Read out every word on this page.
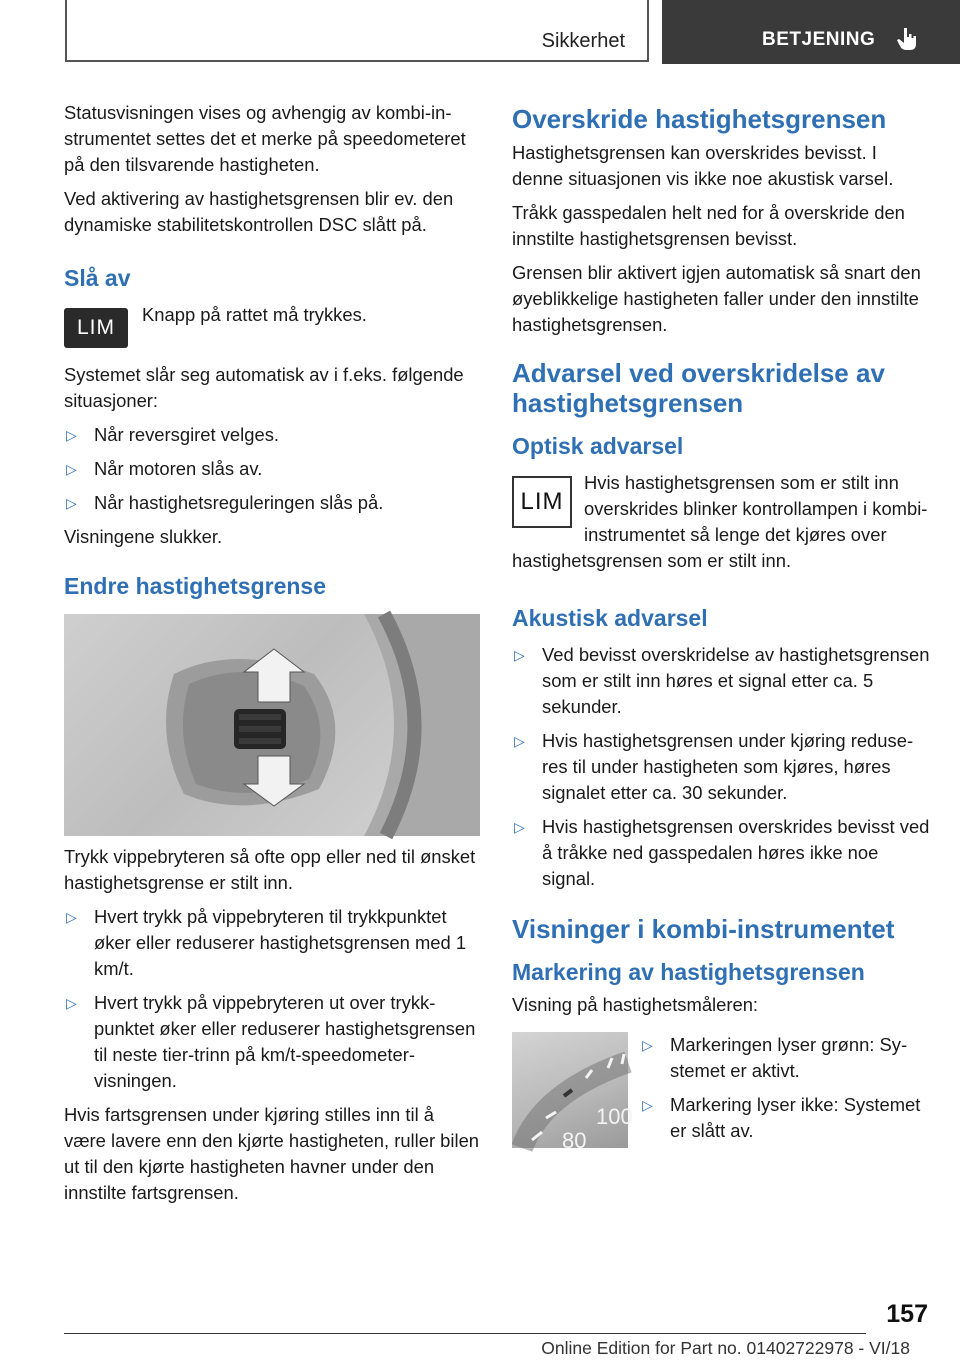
Sikkerhet	BETJENING

Statusvisningen vises og avhengig av kombi-instrumentet settes det et merke på speedometeret på den tilsvarende hastigheten.

Ved aktivering av hastighetsgrensen blir ev. den dynamiske stabilitetskontrollen DSC slått på.

Slå av
LIM

Knapp på rattet må trykkes.

Systemet slår seg automatisk av i f.eks. følgende situasjoner:

▷ Når reversgiret velges.
▷ Når motoren slås av.
▷ Når hastighetsreguleringen slås på.

Visningene slukker.

Endre hastighetsgrense

Trykk vippebryteren så ofte opp eller ned til ønsket hastighetsgrense er stilt inn.

▷ Hvert trykk på vippebryteren til trykkpunktet øker eller reduserer hastighetsgrensen med 1 km/t.
▷ Hvert trykk på vippebryteren ut over trykkpunktet øker eller reduserer hastighetsgrensen til neste tier-trinn på km/t-speedometervisningen.

Hvis fartsgrensen under kjøring stilles inn til å være lavere enn den kjørte hastigheten, ruller bilen ut til den kjørte hastigheten havner under den innstilte fartsgrensen.

Overskride hastighetsgrensen

Hastighetsgrensen kan overskrides bevisst. I denne situasjonen vis ikke noe akustisk varsel.

Tråkk gasspedalen helt ned for å overskride den innstilte hastighetsgrensen bevisst.

Grensen blir aktivert igjen automatisk så snart den øyeblikkelige hastigheten faller under den innstilte hastighetsgrensen.

Advarsel ved overskridelse av hastighetsgrensen
Optisk advarsel
LIM

Hvis hastighetsgrensen som er stilt inn overskrides blinker kontrollampen i kombi-instrumentet så lenge det kjøres over hastighetsgrensen som er stilt inn.

Akustisk advarsel
▷ Ved bevisst overskridelse av hastighetsgrensen som er stilt inn høres et signal etter ca. 5 sekunder.
▷ Hvis hastighetsgrensen under kjøring reduseres til under hastigheten som kjøres, høres signalet etter ca. 30 sekunder.
▷ Hvis hastighetsgrensen overskrides bevisst ved å tråkke ned gasspedalen høres ikke noe signal.
Visninger i kombi-instrumentet
Markering av hastighetsgrensen

Visning på hastighetsmåleren:

100
80
▷ Markeringen lyser grønn: Systemet er aktivt.
▷ Markering lyser ikke: Systemet er slått av.
157
Online Edition for Part no. 01402722978 - VI/18
